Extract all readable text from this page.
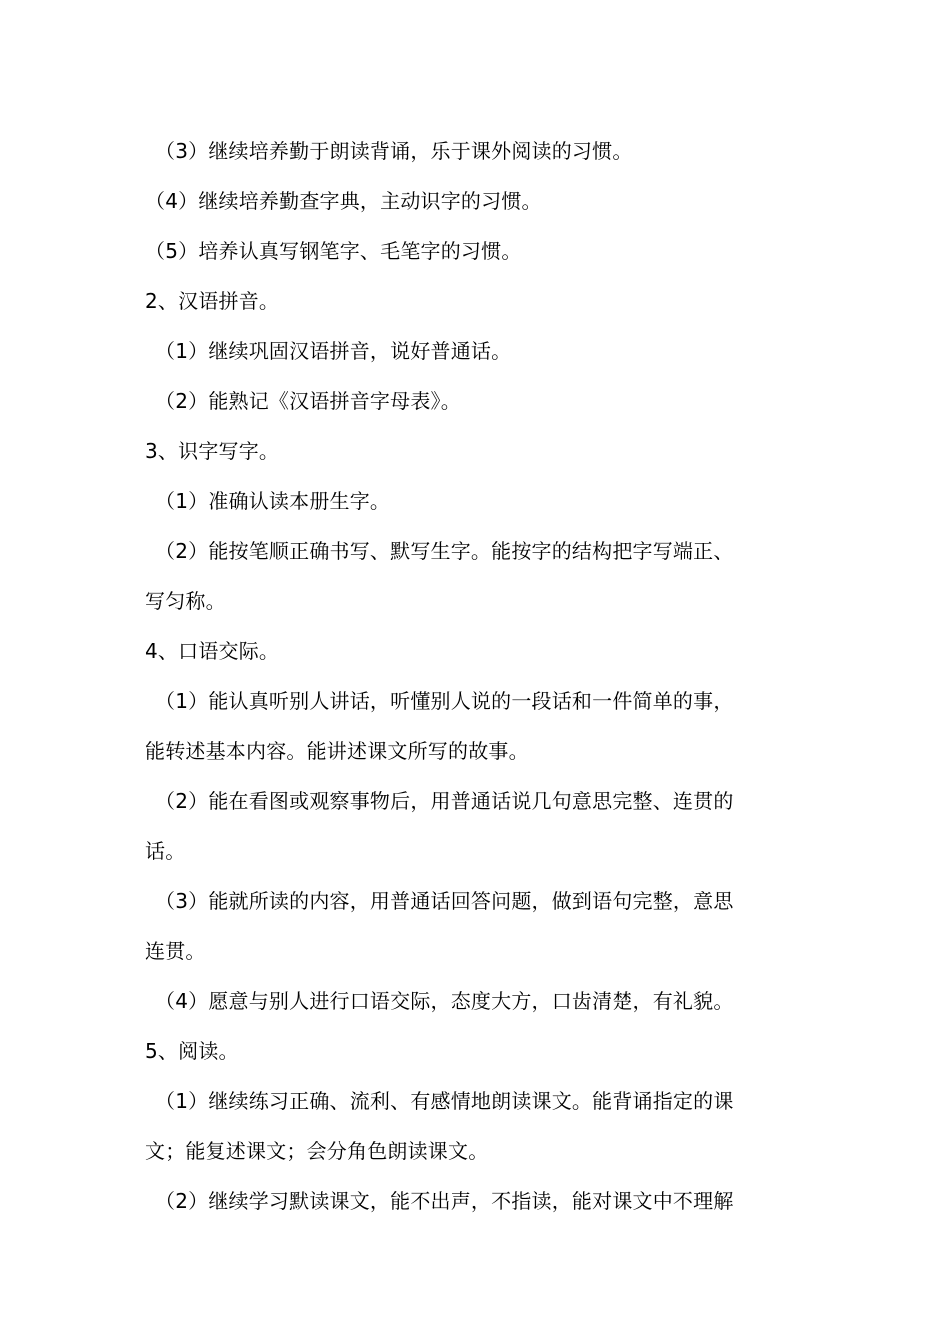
（3）继续培养勤于朗读背诵，乐于课外阅读的习惯。
（4）继续培养勤查字典，主动识字的习惯。
（5）培养认真写钢笔字、毛笔字的习惯。
2、汉语拼音。
（1）继续巩固汉语拼音，说好普通话。
（2）能熟记《汉语拼音字母表》。
3、识字写字。
（1）准确认读本册生字。
（2）能按笔顺正确书写、默写生字。能按字的结构把字写端正、
写匀称。
4、口语交际。
（1）能认真听别人讲话，听懂别人说的一段话和一件简单的事，
能转述基本内容。能讲述课文所写的故事。
（2）能在看图或观察事物后，用普通话说几句意思完整、连贯的
话。
（3）能就所读的内容，用普通话回答问题，做到语句完整，意思
连贯。
（4）愿意与别人进行口语交际，态度大方，口齿清楚，有礼貌。
5、阅读。
（1）继续练习正确、流利、有感情地朗读课文。能背诵指定的课
文；能复述课文；会分角色朗读课文。
（2）继续学习默读课文，能不出声，不指读，能对课文中不理解
